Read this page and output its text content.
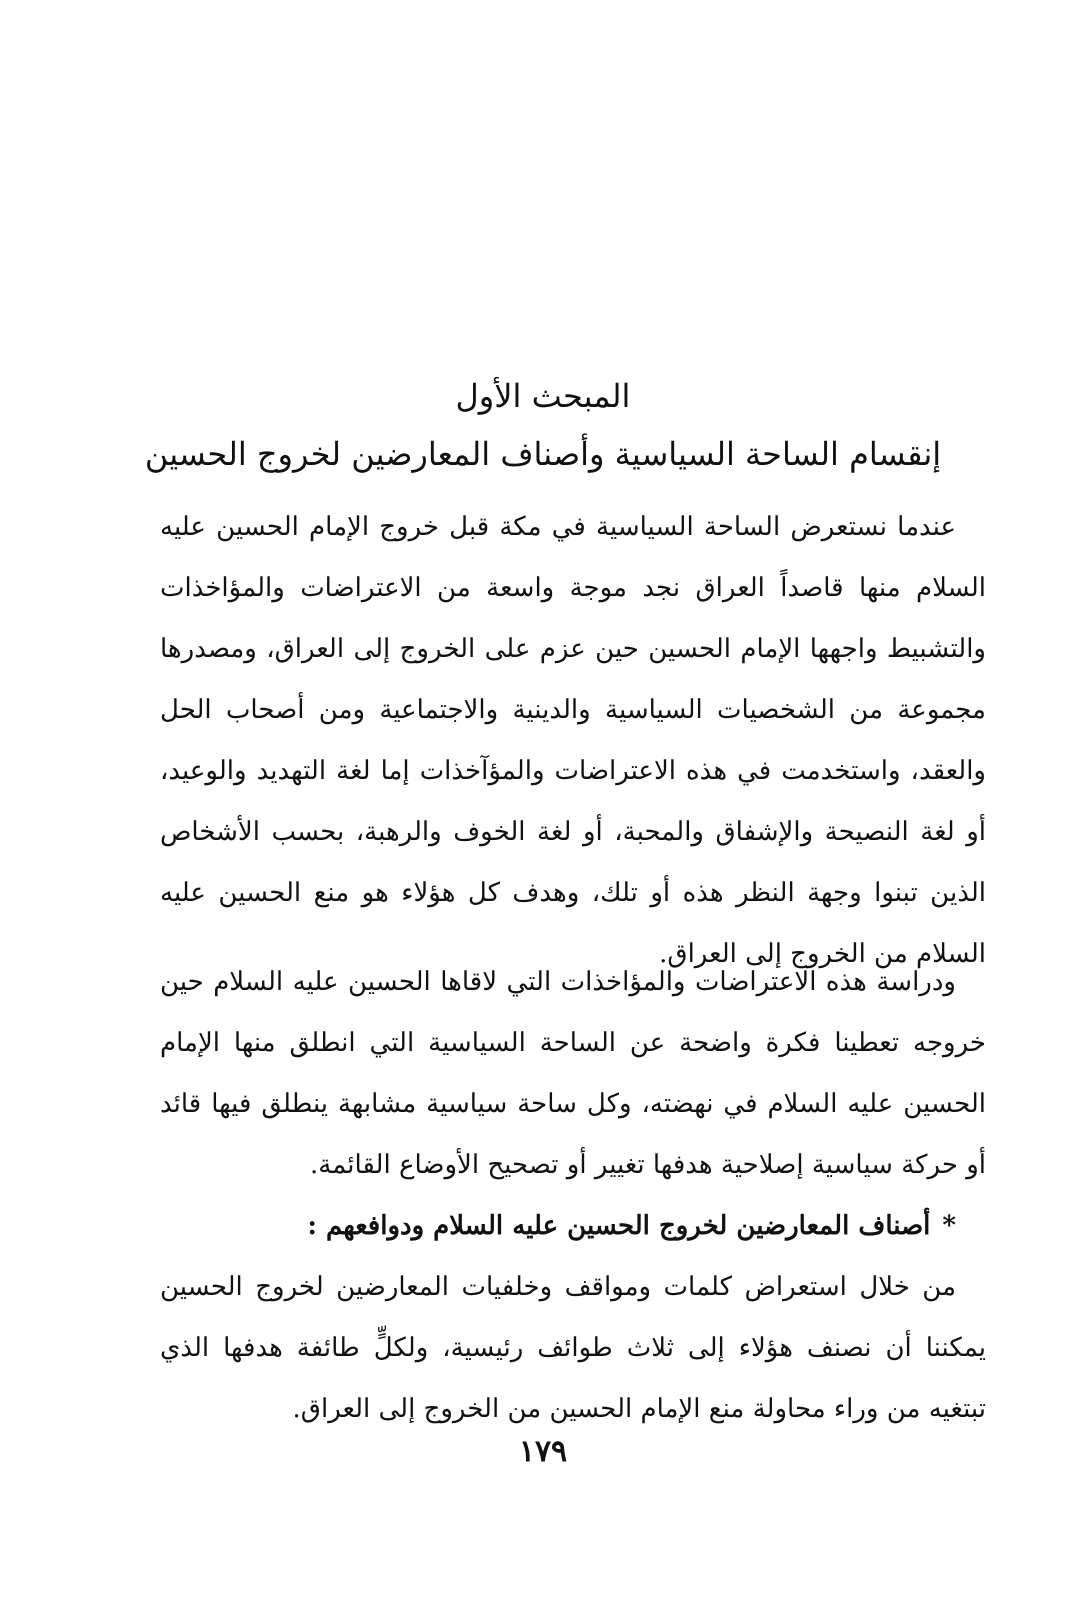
المبحث الأول
إنقسام الساحة السياسية وأصناف المعارضين لخروج الحسين

عندما نستعرض الساحة السياسية في مكة قبل خروج الإمام الحسين عليه السلام منها قاصداً العراق نجد موجة واسعة من الاعتراضات والمؤاخذات والتشبيط واجهها الإمام الحسين حين عزم على الخروج إلى العراق، ومصدرها مجموعة من الشخصيات السياسية والدينية والاجتماعية ومن أصحاب الحل والعقد، واستخدمت في هذه الاعتراضات والمؤآخذات إما لغة التهديد والوعيد، أو لغة النصيحة والإشفاق والمحبة، أو لغة الخوف والرهبة، بحسب الأشخاص الذين تبنوا وجهة النظر هذه أو تلك، وهدف كل هؤلاء هو منع الحسين عليه السلام من الخروج إلى العراق.

ودراسة هذه الاعتراضات والمؤاخذات التي لاقاها الحسين عليه السلام حين خروجه تعطينا فكرة واضحة عن الساحة السياسية التي انطلق منها الإمام الحسين عليه السلام في نهضته، وكل ساحة سياسية مشابهة ينطلق فيها قائد أو حركة سياسية إصلاحية هدفها تغيير أو تصحيح الأوضاع القائمة.

*أصناف المعارضين لخروج الحسين عليه السلام ودوافعهم :

من خلال استعراض كلمات ومواقف وخلفيات المعارضين لخروج الحسين يمكننا أن نصنف هؤلاء إلى ثلاث طوائف رئيسية، ولكلٍّ طائفة هدفها الذي تبتغيه من وراء محاولة منع الإمام الحسين من الخروج إلى العراق.

١٧٩
